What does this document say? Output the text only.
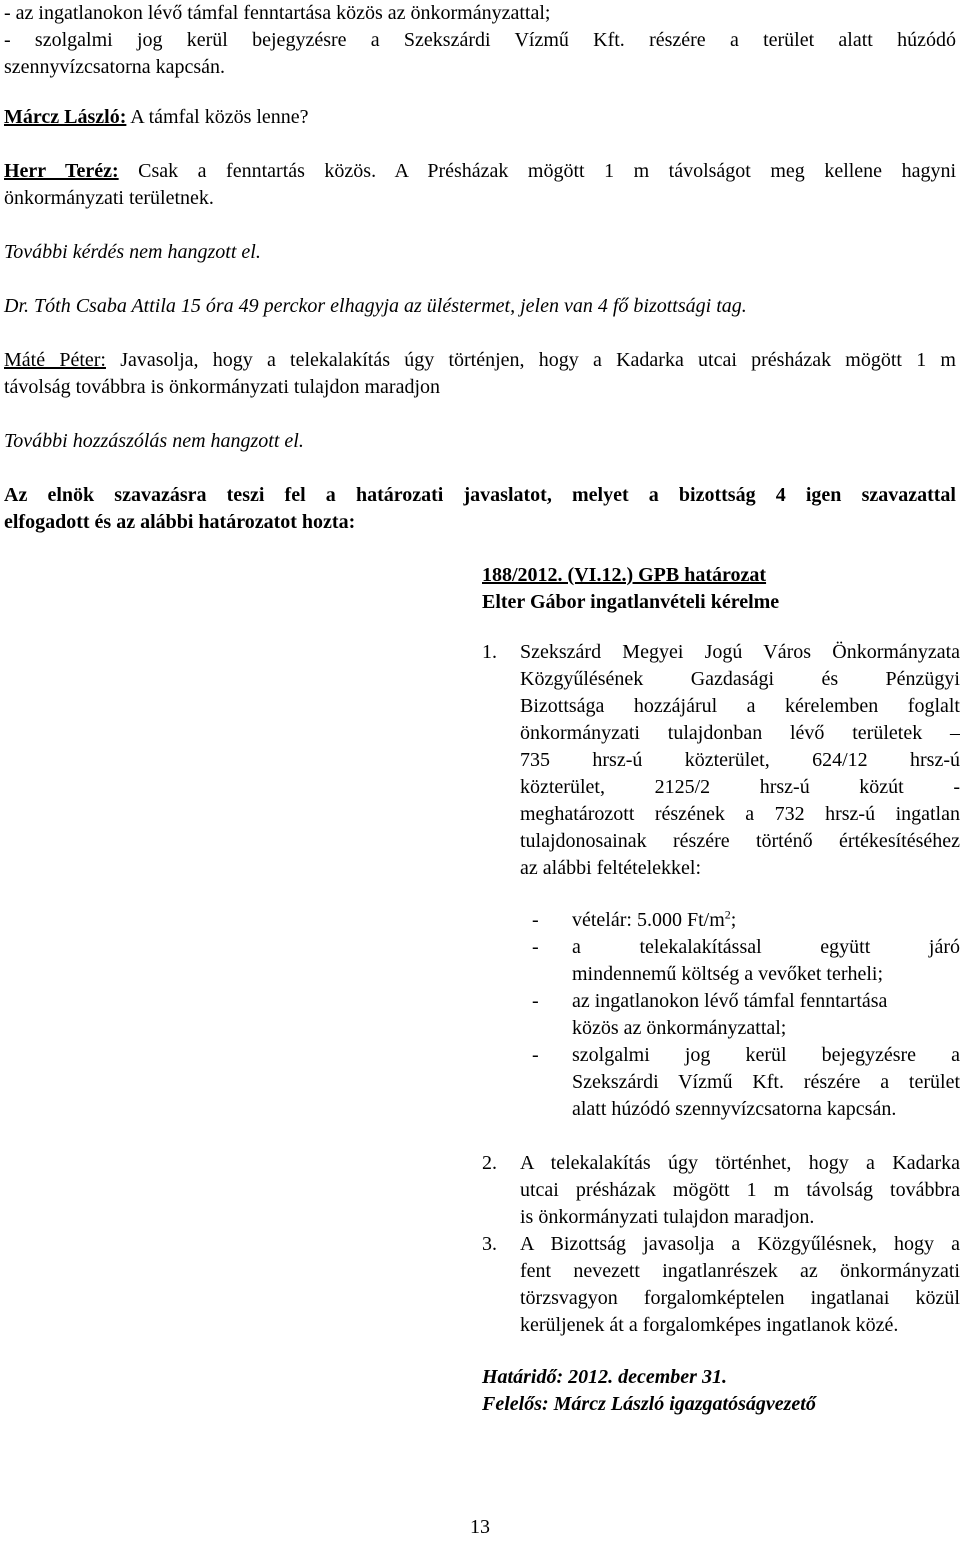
- az ingatlanokon lévő támfal fenntartása közös az önkormányzattal;
- szolgalmi jog kerül bejegyzésre a Szekszárdi Vízmű Kft. részére a terület alatt húzódó
szennyvízcsatorna kapcsán.
Márcz László: A támfal közös lenne?
Herr Teréz: Csak a fenntartás közös. A Présházak mögött 1 m távolságot meg kellene hagyni
önkormányzati területnek.
További kérdés nem hangzott el.
Dr. Tóth Csaba Attila 15 óra 49 perckor elhagyja az üléstermet, jelen van 4 fő bizottsági tag.
Máté Péter: Javasolja, hogy a telekalakítás úgy történjen, hogy a Kadarka utcai présházak mögött 1 m
távolság továbbra is önkormányzati tulajdon maradjon
További hozzászólás nem hangzott el.
Az elnök szavazásra teszi fel a határozati javaslatot, melyet a bizottság 4 igen szavazattal
elfogadott és az alábbi határozatot hozta:
188/2012. (VI.12.) GPB határozat
Elter Gábor ingatlanvételi kérelme
1. Szekszárd Megyei Jogú Város Önkormányzata
Közgyűlésének Gazdasági és Pénzügyi
Bizottsága hozzájárul a kérelemben foglalt
önkormányzati tulajdonban lévő területek –
735 hrsz-ú közterület, 624/12 hrsz-ú
közterület, 2125/2 hrsz-ú közút -
meghatározott részének a 732 hrsz-ú ingatlan
tulajdonosainak részére történő értékesítéséhez
az alábbi feltételekkel:
- vételár: 5.000 $Ft/m^2$;
- a telekalakítással együtt járó
mindennemű költség a vevőket terheli;
- az ingatlanokon lévő támfal fenntartása
közös az önkormányzattal;
- szolgalmi jog kerül bejegyzésre a
Szekszárdi Vízmű Kft. részére a terület
alatt húzódó szennyvízcsatorna kapcsán.
2. A telekalakítás úgy történhet, hogy a Kadarka
utcai présházak mögött 1 m távolság továbbra
is önkormányzati tulajdon maradjon.
3. A Bizottság javasolja a Közgyűlésnek, hogy a
fent nevezett ingatlanrészek az önkormányzati
törzsvagyon forgalomképtelen ingatlanai közül
kerüljenek át a forgalomképes ingatlanok közé.
Határidő: 2012. december 31.
Felelős: Márcz László igazgatóságvezető
13
